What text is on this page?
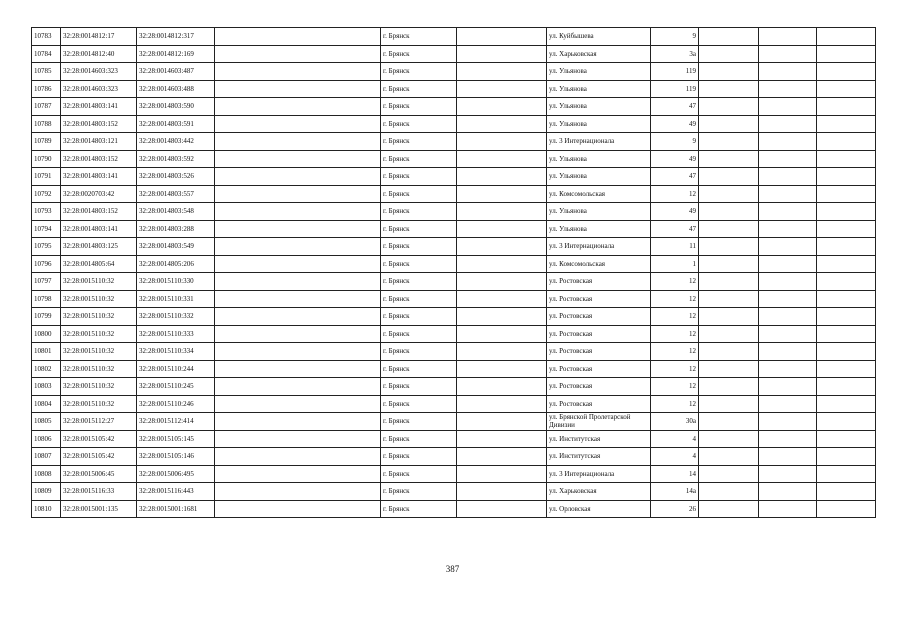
10783	32:28:0014812:17	32:28:0014812:317		г. Брянск		ул. Куйбышева	9			
10784	32:28:0014812:40	32:28:0014812:169		г. Брянск		ул. Харьковская	3а			
10785	32:28:0014603:323	32:28:0014603:487		г. Брянск		ул. Ульянова	119			
10786	32:28:0014603:323	32:28:0014603:488		г. Брянск		ул. Ульянова	119			
10787	32:28:0014803:141	32:28:0014803:590		г. Брянск		ул. Ульянова	47			
10788	32:28:0014803:152	32:28:0014803:591		г. Брянск		ул. Ульянова	49			
10789	32:28:0014803:121	32:28:0014803:442		г. Брянск		ул. 3 Интернационала	9			
10790	32:28:0014803:152	32:28:0014803:592		г. Брянск		ул. Ульянова	49			
10791	32:28:0014803:141	32:28:0014803:526		г. Брянск		ул. Ульянова	47			
10792	32:28:0020703:42	32:28:0014803:557		г. Брянск		ул. Комсомольская	12			
10793	32:28:0014803:152	32:28:0014803:548		г. Брянск		ул. Ульянова	49			
10794	32:28:0014803:141	32:28:0014803:288		г. Брянск		ул. Ульянова	47			
10795	32:28:0014803:125	32:28:0014803:549		г. Брянск		ул. 3 Интернационала	11			
10796	32:28:0014805:64	32:28:0014805:206		г. Брянск		ул. Комсомольская	1			
10797	32:28:0015110:32	32:28:0015110:330		г. Брянск		ул. Ростовская	12			
10798	32:28:0015110:32	32:28:0015110:331		г. Брянск		ул. Ростовская	12			
10799	32:28:0015110:32	32:28:0015110:332		г. Брянск		ул. Ростовская	12			
10800	32:28:0015110:32	32:28:0015110:333		г. Брянск		ул. Ростовская	12			
10801	32:28:0015110:32	32:28:0015110:334		г. Брянск		ул. Ростовская	12			
10802	32:28:0015110:32	32:28:0015110:244		г. Брянск		ул. Ростовская	12			
10803	32:28:0015110:32	32:28:0015110:245		г. Брянск		ул. Ростовская	12			
10804	32:28:0015110:32	32:28:0015110:246		г. Брянск		ул. Ростовская	12			
10805	32:28:0015112:27	32:28:0015112:414		г. Брянск		ул. Брянской Пролетарской Дивизии	30а			
10806	32:28:0015105:42	32:28:0015105:145		г. Брянск		ул. Институтская	4			
10807	32:28:0015105:42	32:28:0015105:146		г. Брянск		ул. Институтская	4			
10808	32:28:0015006:45	32:28:0015006:495		г. Брянск		ул. 3 Интернационала	14			
10809	32:28:0015116:33	32:28:0015116:443		г. Брянск		ул. Харьковская	14а			
10810	32:28:0015001:135	32:28:0015001:1681		г. Брянск		ул. Орловская	26			
387
